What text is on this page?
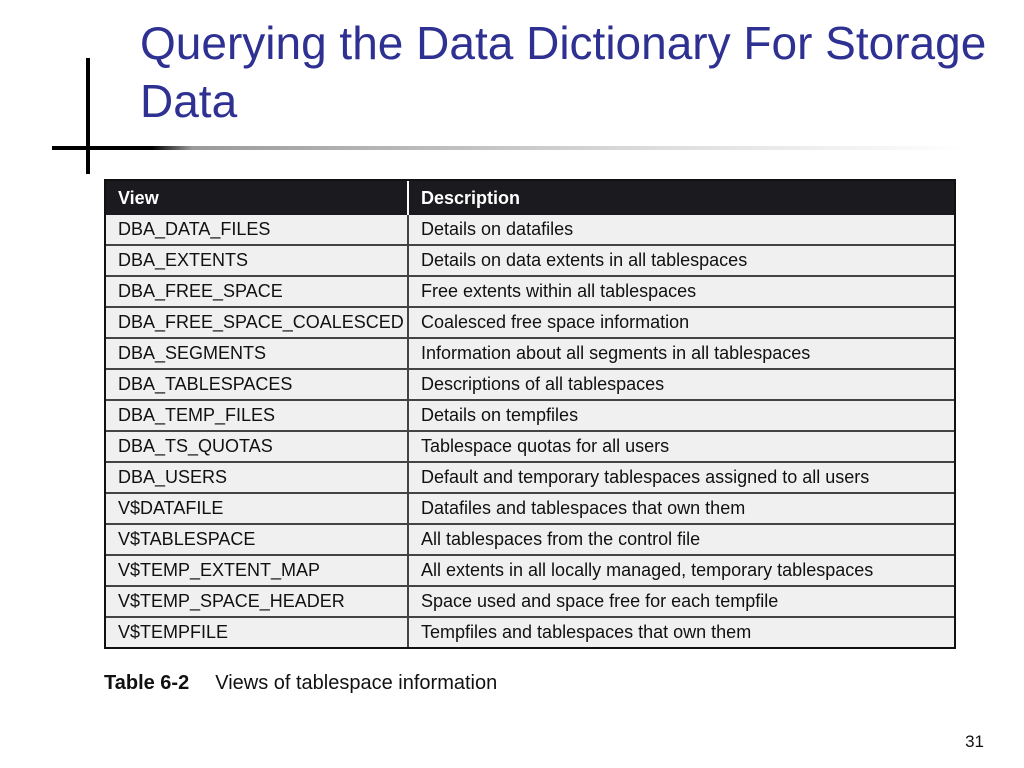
Querying the Data Dictionary For Storage Data
View	Description
DBA_DATA_FILES	Details on datafiles
DBA_EXTENTS	Details on data extents in all tablespaces
DBA_FREE_SPACE	Free extents within all tablespaces
DBA_FREE_SPACE_COALESCED	Coalesced free space information
DBA_SEGMENTS	Information about all segments in all tablespaces
DBA_TABLESPACES	Descriptions of all tablespaces
DBA_TEMP_FILES	Details on tempfiles
DBA_TS_QUOTAS	Tablespace quotas for all users
DBA_USERS	Default and temporary tablespaces assigned to all users
V$DATAFILE	Datafiles and tablespaces that own them
V$TABLESPACE	All tablespaces from the control file
V$TEMP_EXTENT_MAP	All extents in all locally managed, temporary tablespaces
V$TEMP_SPACE_HEADER	Space used and space free for each tempfile
V$TEMPFILE	Tempfiles and tablespaces that own them
Table 6-2 Views of tablespace information
31
